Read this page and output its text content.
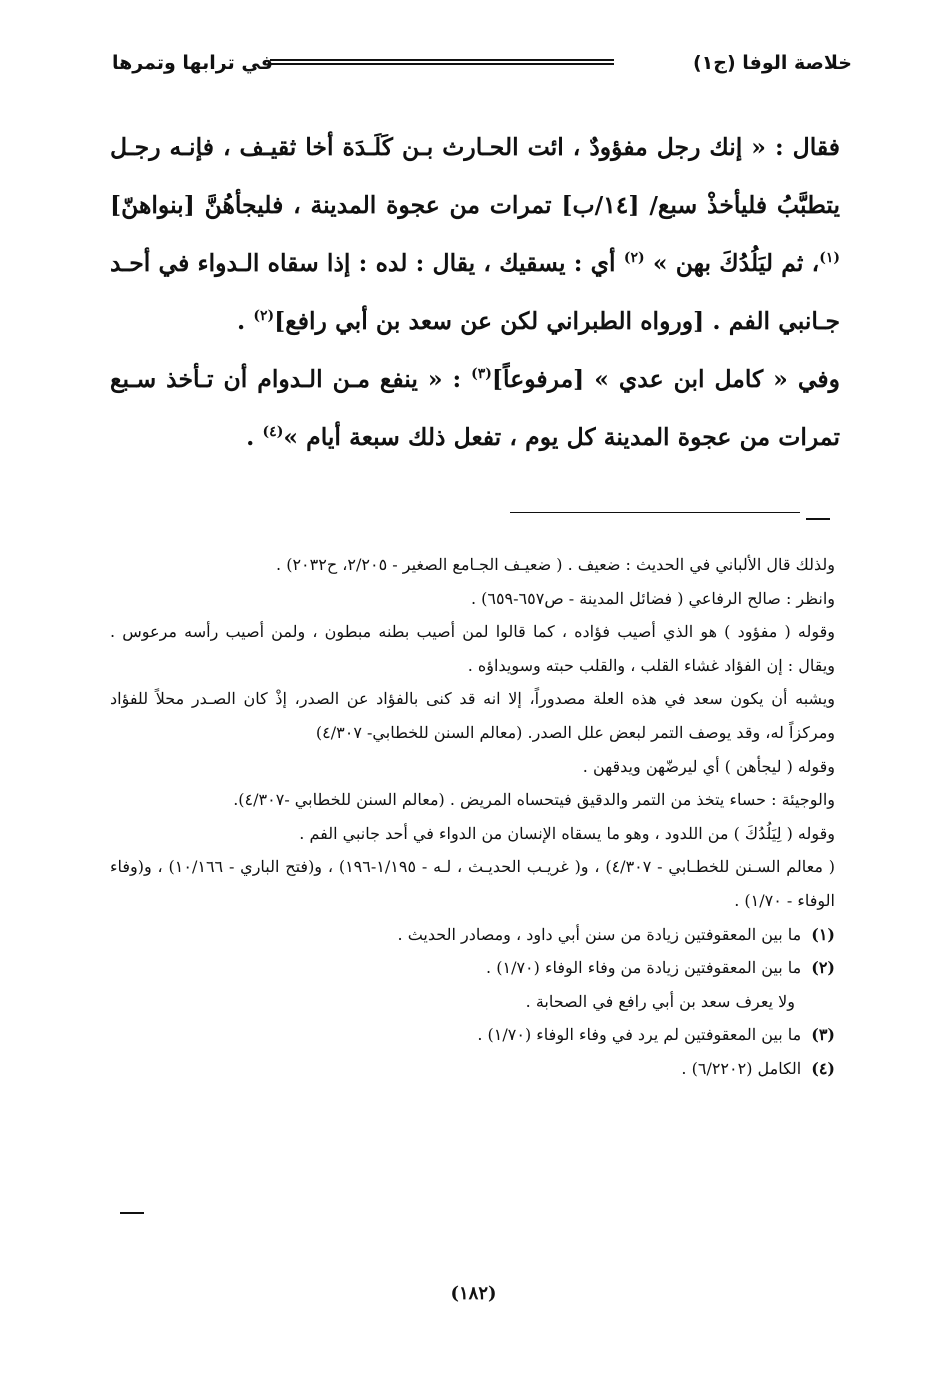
خلاصة الوفا (ج١)
في ترابها وتمرها

فقال : « إنك رجل مفؤودٌ ، ائت الحـارث بـن كَلَـدَة أخا ثقيـف ، فإنـه رجـل يتطبَّبُ فليأخذْ سبع/ [١٤/ب] تمرات من عجوة المدينة ، فليجأهُنَّ [بنواهنّ]$^{(١)}$، ثم ليَلُدُكَ بهن » $^{(٢)}$ أي : يسقيك ، يقال : لده : إذا سقاه الـدواء في أحـد جـانبي الفم . [ورواه الطبراني لكن عن سعد بن أبي رافع]$^{(٢)}$ .

وفي « كامل ابن عدي » [مرفوعاً]$^{(٣)}$ : « ينفع مـن الـدوام أن تـأخذ سـبع تمرات من عجوة المدينة كل يوم ، تفعل ذلك سبعة أيام »$^{(٤)}$ .

ولذلك قال الألباني في الحديث : ضعيف . ( ضعيـف الجـامع الصغير - ٢/٢٠٥، ح٢٠٣٢) .
وانظر : صالح الرفاعي ( فضائل المدينة - ص٦٥٧-٦٥٩) .
وقوله ( مفؤود ) هو الذي أصيب فؤاده ، كما قالوا لمن أصيب بطنه مبطون ، ولمن أصيب رأسه مرعوس . ويقال : إن الفؤاد غشاء القلب ، والقلب حبته وسويداؤه .
ويشبه أن يكون سعد في هذه العلة مصدوراً، إلا انه قد كنى بالفؤاد عن الصدر، إذْ كان الصـدر محلاً للفؤاد ومركزاً له، وقد يوصف التمر لبعض علل الصدر. (معالم السنن للخطابي- ٤/٣٠٧)
وقوله ( ليجأهن ) أي ليرضّهن ويدقهن .
والوجيئة : حساء يتخذ من التمر والدقيق فيتحساه المريض . (معالم السنن للخطابي -٤/٣٠٧).
وقوله ( لِيَلُدُكَ ) من اللدود ، وهو ما يسقاه الإنسان من الدواء في أحد جانبي الفم .
( معالم السـنن للخطـابي - ٤/٣٠٧) ، و( غريـب الحديـث ، لـه - ١/١٩٥-١٩٦) ، و(فتح الباري - ١٠/١٦٦) ، و(وفاء الوفاء - ١/٧٠) .
(١)ما بين المعقوفتين زيادة من سنن أبي داود ، ومصادر الحديث .
(٢)ما بين المعقوفتين زيادة من وفاء الوفاء (١/٧٠) .
ولا يعرف سعد بن أبي رافع في الصحابة .
(٣)ما بين المعقوفتين لم يرد في وفاء الوفاء (١/٧٠) .
(٤)الكامل (٦/٢٢٠٢) .
(١٨٢)
